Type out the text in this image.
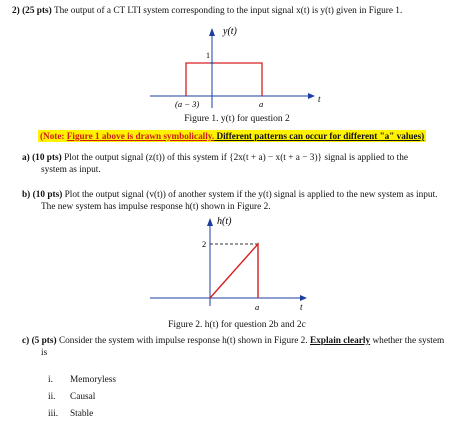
2) (25 pts) The output of a CT LTI system corresponding to the input signal x(t) is y(t) given in Figure 1.
y(t)
1
(a − 3)	a	t
Figure 1. y(t) for question 2
(Note: Figure 1 above is drawn symbolically. Different patterns can occur for different "a" values)
a) (10 pts) Plot the output signal (z(t)) of this system if {2x(t + a) − x(t + a − 3)} signal is applied to the
system as input.
b) (10 pts) Plot the output signal (v(t)) of another system if the y(t) signal is applied to the new system as input.
The new system has impulse response h(t) shown in Figure 2.
h(t)
2
a	t
Figure 2. h(t) for question 2b and 2c
c) (5 pts) Consider the system with impulse response h(t) shown in Figure 2. Explain clearly whether the system
is
i. Memoryless
ii. Causal
iii. Stable
